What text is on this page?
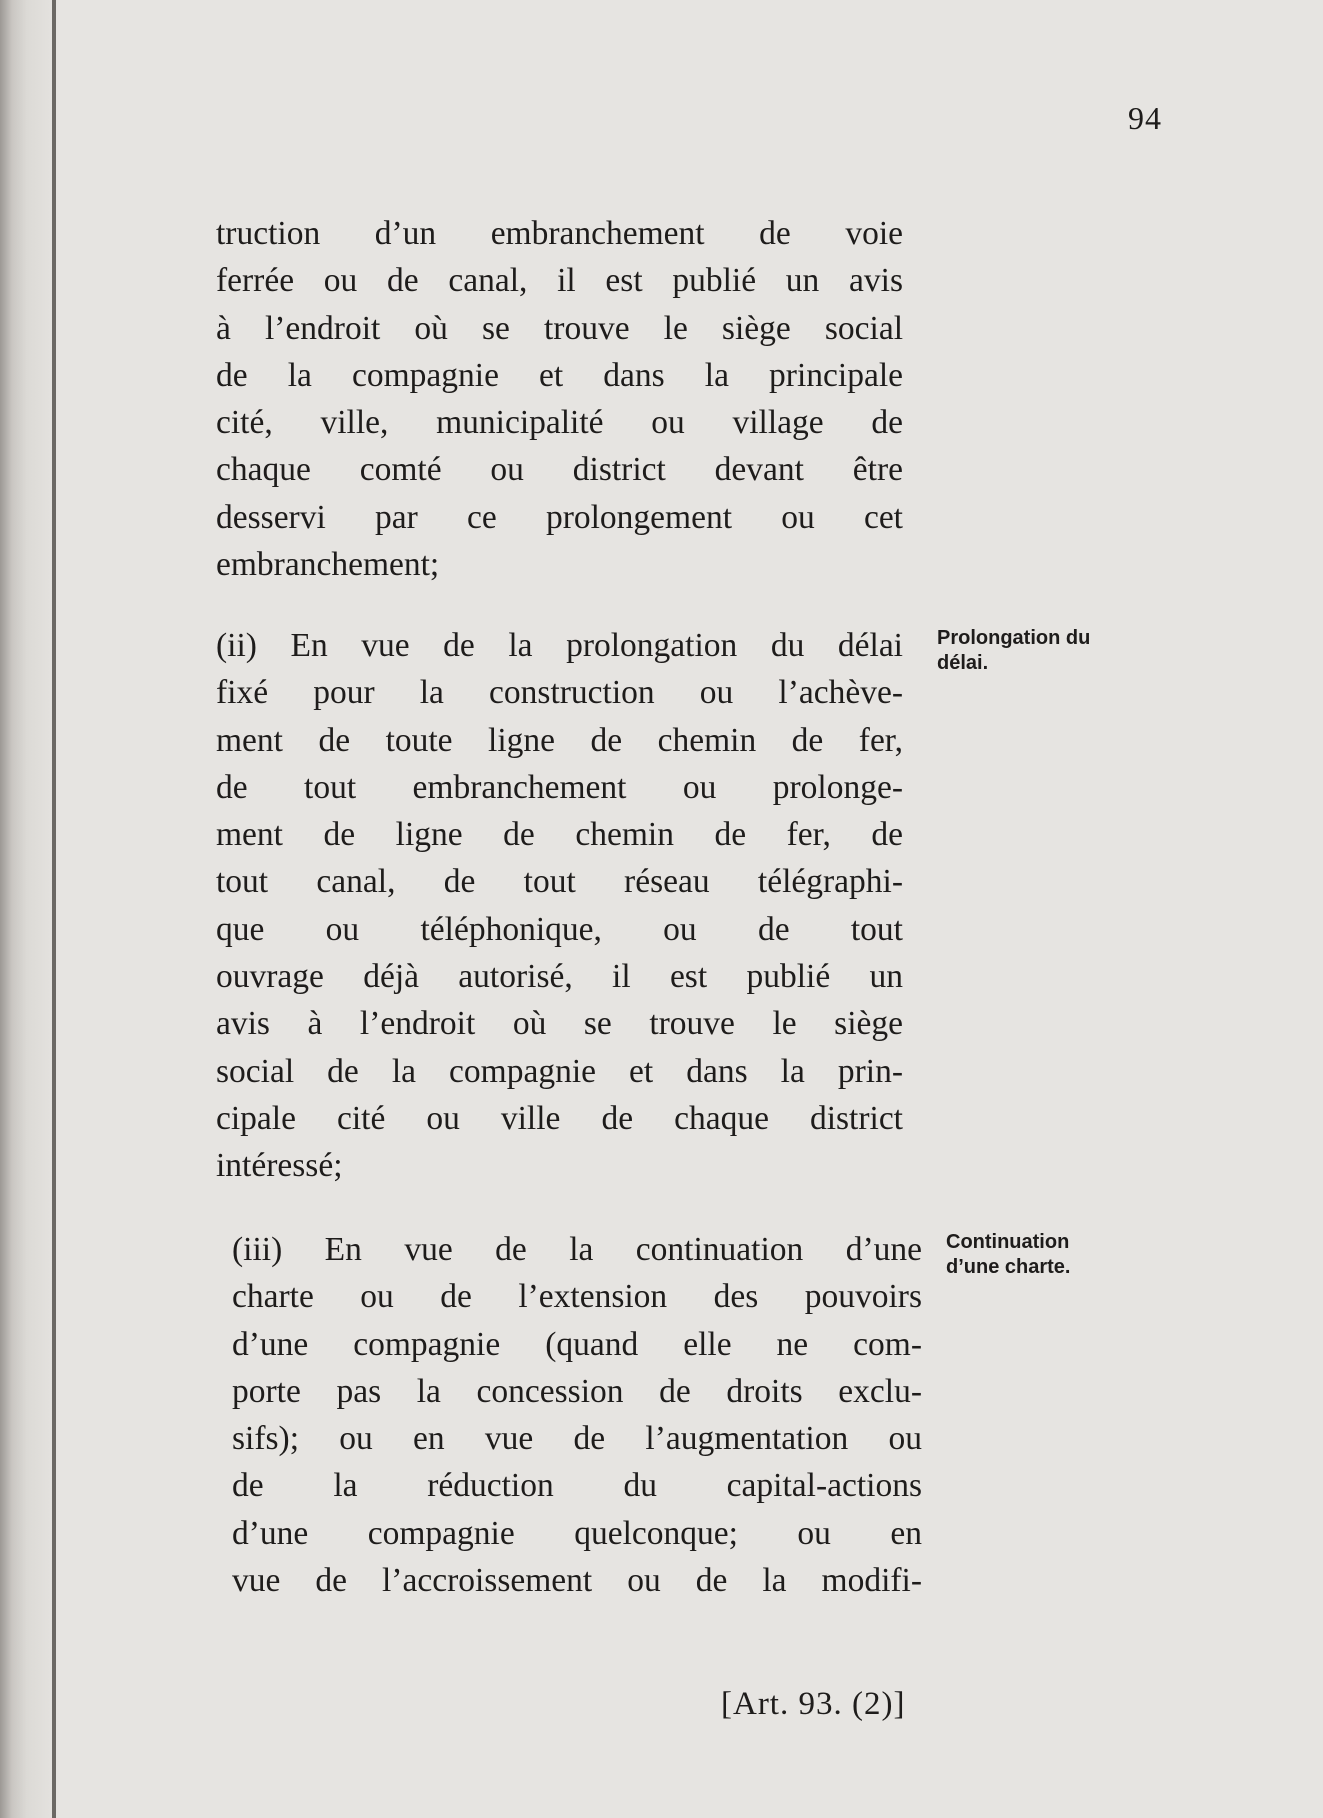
94

truction d’un embranchement de voie
ferrée ou de canal, il est publié un avis
à l’endroit où se trouve le siège social
de la compagnie et dans la principale
cité, ville, municipalité ou village de
chaque comté ou district devant être
desservi par ce prolongement ou cet
embranchement;

(ii) En vue de la prolongation du délai
fixé pour la construction ou l’achève-
ment de toute ligne de chemin de fer,
de tout embranchement ou prolonge-
ment de ligne de chemin de fer, de
tout canal, de tout réseau télégraphi-
que ou téléphonique, ou de tout
ouvrage déjà autorisé, il est publié un
avis à l’endroit où se trouve le siège
social de la compagnie et dans la prin-
cipale cité ou ville de chaque district
intéressé;

(iii) En vue de la continuation d’une
charte ou de l’extension des pouvoirs
d’une compagnie (quand elle ne com-
porte pas la concession de droits exclu-
sifs); ou en vue de l’augmentation ou
de la réduction du capital-actions
d’une compagnie quelconque; ou en
vue de l’accroissement ou de la modifi-

Prolongation du
délai.
Continuation
d’une charte.
[Art. 93. (2)]
